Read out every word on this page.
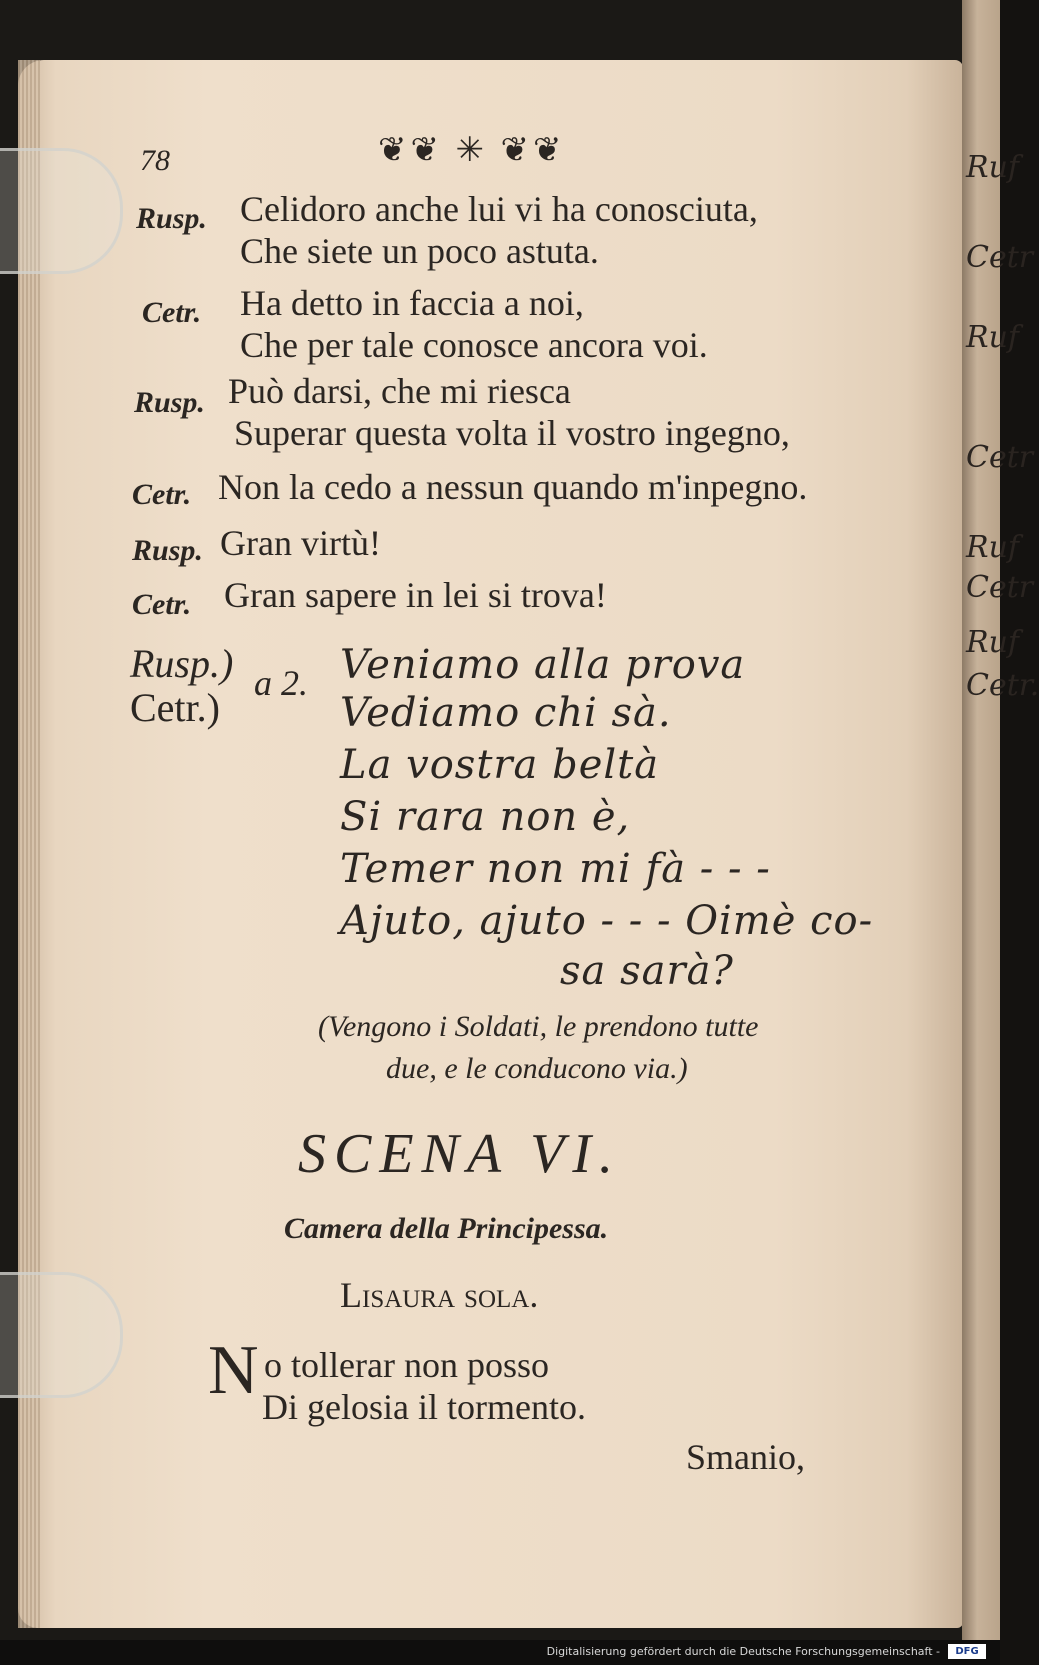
78	❦❦ ✳ ❦❦
Rusp. Celidoro anche lui vi ha conosciuta,
Che siete un poco astuta.
Cetr. Ha detto in faccia a noi,
Che per tale conosce ancora voi.
Rusp. Può darsi, che mi riesca
Superar questa volta il vostro ingegno,
Cetr. Non la cedo a nessun quando m'inpegno.
Rusp. Gran virtù!
Cetr. Gran sapere in lei si trova!
Rusp.)
Cetr.)
a 2. Veniamo alla prova
Vediamo chi sà.
La vostra beltà
Si rara non è,
Temer non mi fà - - -
Ajuto, ajuto - - - Oimè co-
sa sarà?
(Vengono i Soldati, le prendono tutte
due, e le conducono via.)
SCENA VI.
Camera della Principessa.
Lisaura sola.
N o tollerar non posso
Di gelosia il tormento.
Smanio,
Ruf
Cetr
Ruf
Cetr
Ruf
Cetr
Ruf
Cetr.
Digitalisierung gefördert durch die Deutsche Forschungsgemeinschaft -	DFG
